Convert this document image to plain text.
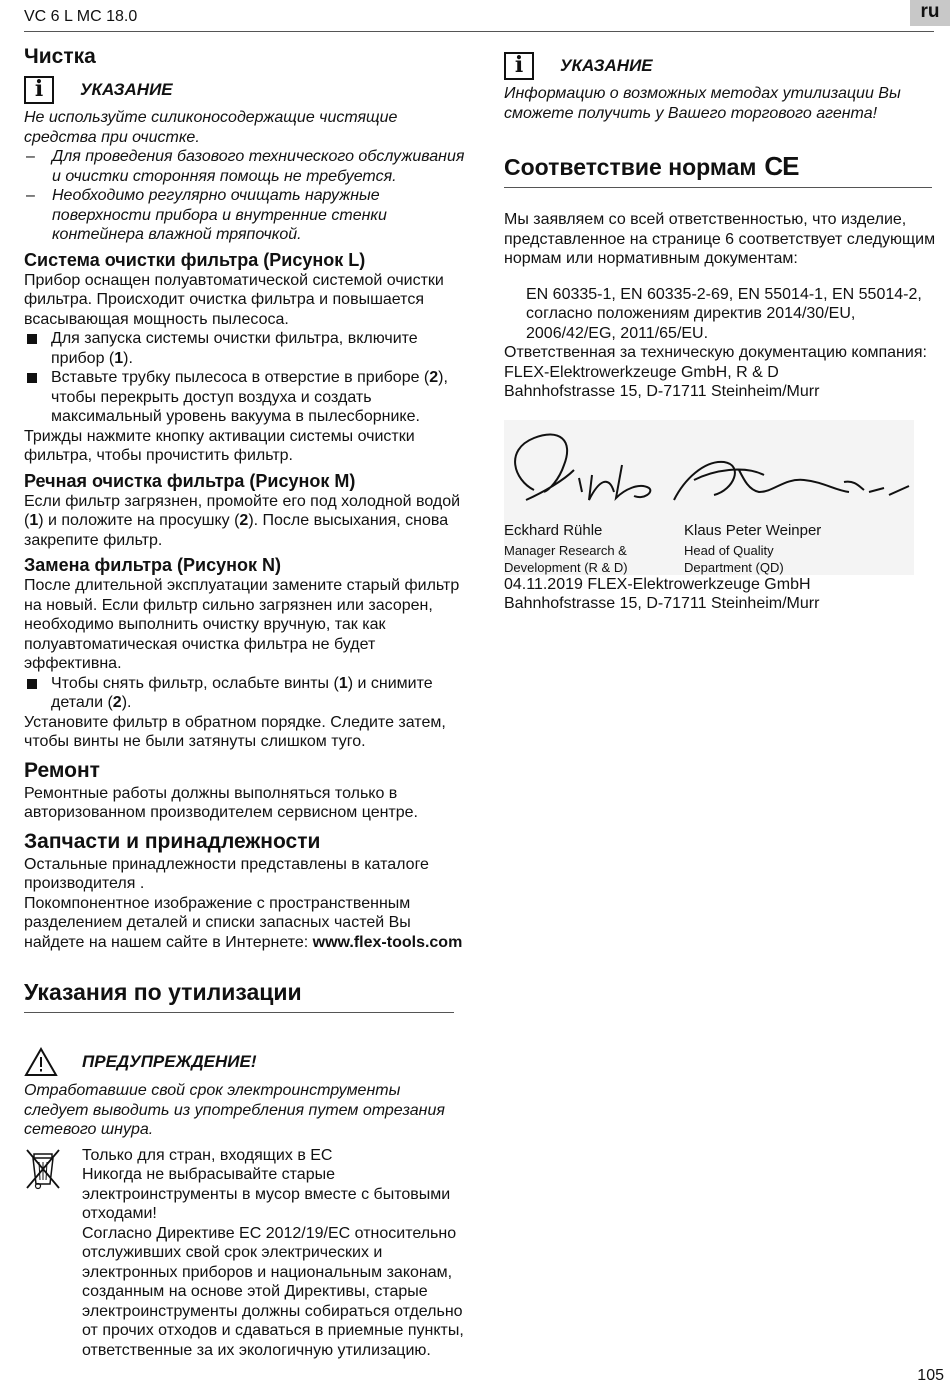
VC 6 L MC 18.0	ru
Чистка
i	УКАЗАНИЕ

Не используйте силиконосодержащие чистящие средства при очистке.

– Для проведения базового технического обслуживания и очистки сторонняя помощь не требуется.

– Необходимо регулярно очищать наружные поверхности прибора и внутренние стенки контейнера влажной тряпочкой.

Система очистки фильтра (Рисунок L)

Прибор оснащен полуавтоматической системой очистки фильтра. Происходит очистка фильтра и повышается всасывающая мощность пылесоса.

Для запуска системы очистки фильтра, включите прибор (1).

Вставьте трубку пылесоса в отверстие в приборе (2), чтобы перекрыть доступ воздуха и создать максимальный уровень вакуума в пылесборнике.

Трижды нажмите кнопку активации системы очистки фильтра, чтобы прочистить фильтр.

Речная очистка фильтра (Рисунок M)

Если фильтр загрязнен, промойте его под холодной водой (1) и положите на просушку (2). После высыхания, снова закрепите фильтр.

Замена фильтра (Рисунок N)

После длительной эксплуатации замените старый фильтр на новый. Если фильтр сильно загрязнен или засорен, необходимо выполнить очистку вручную, так как полуавтоматическая очистка фильтра не будет эффективна.

Чтобы снять фильтр, ослабьте винты (1) и снимите детали (2).

Установите фильтр в обратном порядке. Следите затем, чтобы винты не были затянуты слишком туго.

Ремонт

Ремонтные работы должны выполняться только в авторизованном производителем сервисном центре.

Запчасти и принадлежности

Остальные принадлежности представлены в каталоге производителя .

Покомпонентное изображение с пространственным разделением деталей и списки запасных частей Вы найдете на нашем сайте в Интернете: www.flex-tools.com

Указания по утилизации
ПРЕДУПРЕЖДЕНИЕ!

Отработавшие свой срок электроинструменты следует выводить из употребления путем отрезания сетевого шнура.

Только для стран, входящих в ЕС

Никогда не выбрасывайте старые электроинструменты в мусор вместе с бытовыми отходами!

Согласно Директиве ЕС 2012/19/EC относительно отслуживших свой срок электрических и электронных приборов и национальным законам, созданным на основе этой Директивы, старые электроинструменты должны собираться отдельно от прочих отходов и сдаваться в приемные пункты, ответственные за их экологичную утилизацию.

i	УКАЗАНИЕ

Информацию о возможных методах утилизации Вы сможете получить у Вашего торгового агента!

Соответствие нормам CE

Мы заявляем со всей ответственностью, что изделие, представленное на странице 6 соответствует следующим нормам или нормативным документам:

EN 60335-1, EN 60335-2-69, EN 55014-1, EN 55014-2, согласно положениям директив 2014/30/EU, 2006/42/EG, 2011/65/EU.

Ответственная за техническую документацию компания:

FLEX-Elektrowerkzeuge GmbH, R & D

Bahnhofstrasse 15, D-71711 Steinheim/Murr

Eckhard Rühle
Manager Research &
Development (R & D)
Klaus Peter Weinper
Head of Quality
Department (QD)

04.11.2019 FLEX-Elektrowerkzeuge GmbH

Bahnhofstrasse 15, D-71711 Steinheim/Murr

105
